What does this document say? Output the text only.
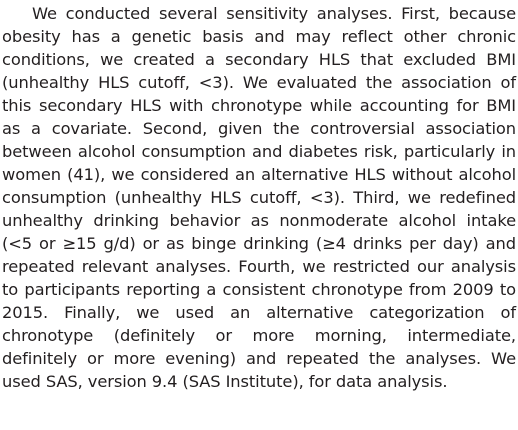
We conducted several sensitivity analyses. First, because obesity has a genetic basis and may reflect other chronic conditions, we created a secondary HLS that excluded BMI (unhealthy HLS cutoff, <3). We evaluated the association of this secondary HLS with chronotype while accounting for BMI as a covariate. Second, given the controversial association between alcohol consumption and diabetes risk, particularly in women (41), we considered an alternative HLS without alcohol consumption (unhealthy HLS cutoff, <3). Third, we redefined unhealthy drinking behavior as nonmoderate alcohol intake (<5 or ≥15 g/d) or as binge drinking (≥4 drinks per day) and repeated relevant analyses. Fourth, we restricted our analysis to participants reporting a consistent chronotype from 2009 to 2015. Finally, we used an alternative categorization of chronotype (definitely or more morning, intermediate, definitely or more evening) and repeated the analyses. We used SAS, version 9.4 (SAS Institute), for data analysis.
